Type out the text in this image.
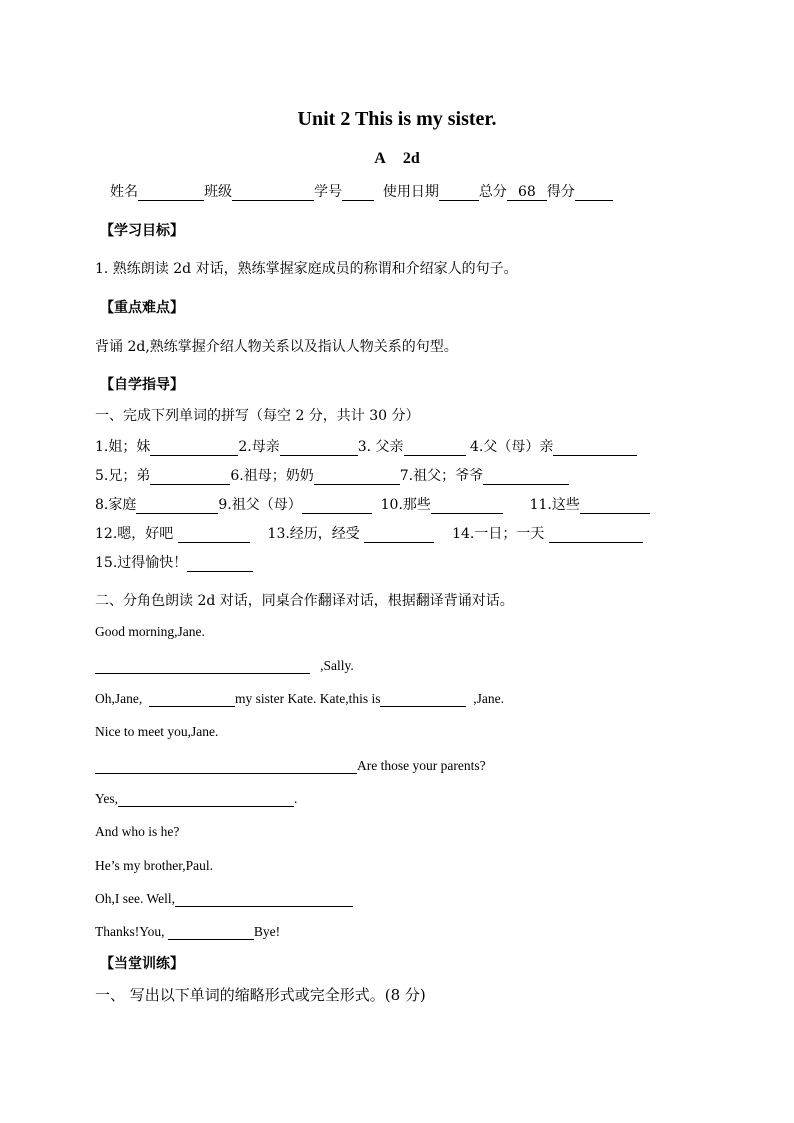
Unit 2 This is my sister.
A 2d
姓名	班级	学号	使用日期	总分 68 得分
【学习目标】
1. 熟练朗读 2d 对话，熟练掌握家庭成员的称谓和介绍家人的句子。
【重点难点】
背诵 2d,熟练掌握介绍人物关系以及指认人物关系的句型。
【自学指导】
一、完成下列单词的拼写（每空 2 分，共计 30 分）
1.姐；妹	2.母亲	3. 父亲	4.父（母）亲
5.兄；弟	6.祖母；奶奶	7.祖父；爷爷
8.家庭	9.祖父（母）	10.那些	11.这些
12.嗯，好吧	13.经历，经受	14.一日；一天
15.过得愉快！
二、分角色朗读 2d 对话，同桌合作翻译对话，根据翻译背诵对话。
Good morning,Jane.
,Sally.
Oh,Jane,	my sister Kate. Kate,this is	,Jane.
Nice to meet you,Jane.
Are those your parents?
Yes,	.
And who is he?
He’s my brother,Paul.
Oh,I see. Well,
Thanks!You,	Bye!
【当堂训练】
一、 写出以下单词的缩略形式或完全形式。(8 分)
